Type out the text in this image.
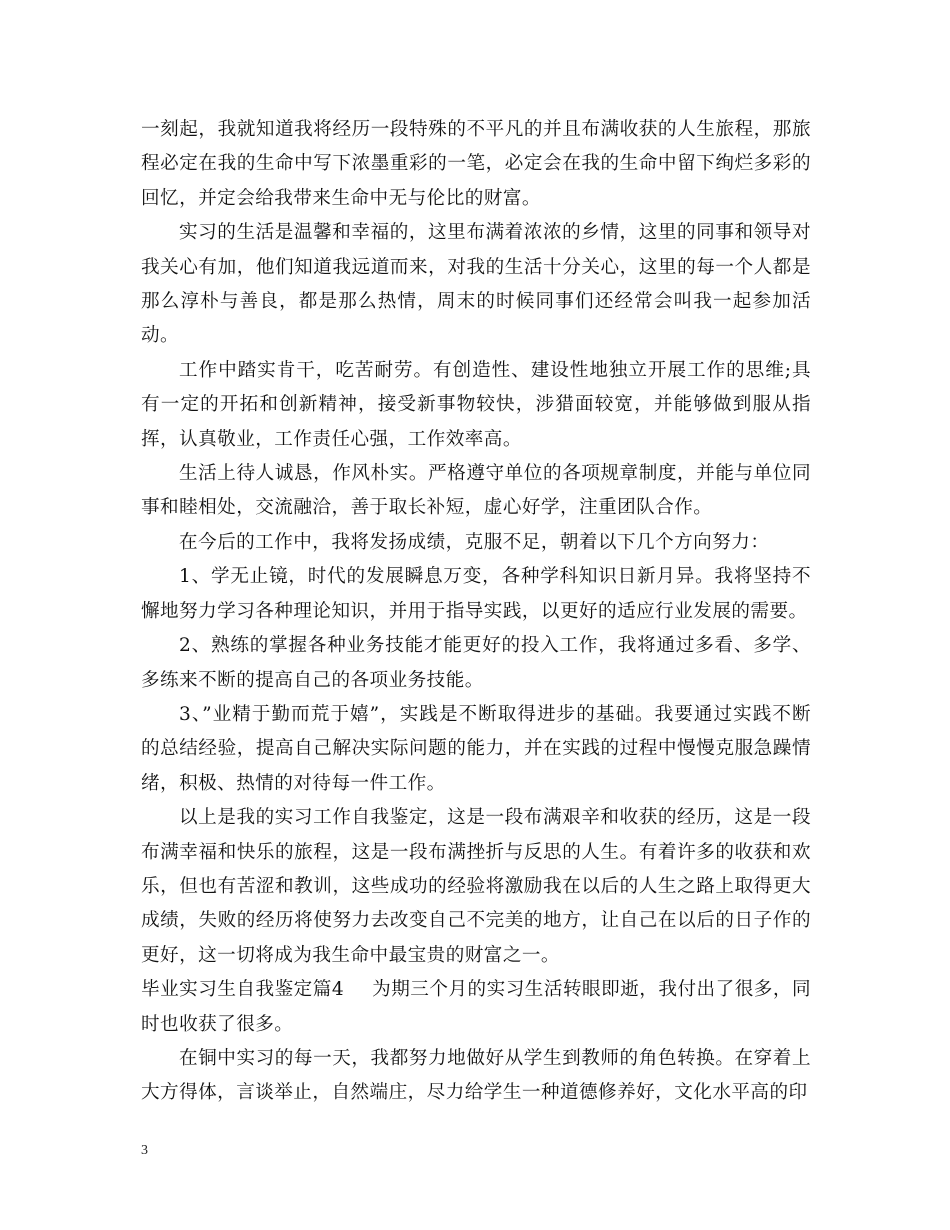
一刻起，我就知道我将经历一段特殊的不平凡的并且布满收获的人生旅程，那旅程必定在我的生命中写下浓墨重彩的一笔，必定会在我的生命中留下绚烂多彩的回忆，并定会给我带来生命中无与伦比的财富。

实习的生活是温馨和幸福的，这里布满着浓浓的乡情，这里的同事和领导对我关心有加，他们知道我远道而来，对我的生活十分关心，这里的每一个人都是那么淳朴与善良，都是那么热情，周末的时候同事们还经常会叫我一起参加活动。

工作中踏实肯干，吃苦耐劳。有创造性、建设性地独立开展工作的思维;具有一定的开拓和创新精神，接受新事物较快，涉猎面较宽，并能够做到服从指挥，认真敬业，工作责任心强，工作效率高。

生活上待人诚恳，作风朴实。严格遵守单位的各项规章制度，并能与单位同事和睦相处，交流融洽，善于取长补短，虚心好学，注重团队合作。

在今后的工作中，我将发扬成绩，克服不足，朝着以下几个方向努力：

1、学无止镜，时代的发展瞬息万变，各种学科知识日新月异。我将坚持不懈地努力学习各种理论知识，并用于指导实践，以更好的适应行业发展的需要。

2、熟练的掌握各种业务技能才能更好的投入工作，我将通过多看、多学、多练来不断的提高自己的各项业务技能。

3、”业精于勤而荒于嬉”，实践是不断取得进步的基础。我要通过实践不断的总结经验，提高自己解决实际问题的能力，并在实践的过程中慢慢克服急躁情绪，积极、热情的对待每一件工作。

以上是我的实习工作自我鉴定，这是一段布满艰辛和收获的经历，这是一段布满幸福和快乐的旅程，这是一段布满挫折与反思的人生。有着许多的收获和欢乐，但也有苦涩和教训，这些成功的经验将激励我在以后的人生之路上取得更大成绩，失败的经历将使努力去改变自己不完美的地方，让自己在以后的日子作的更好，这一切将成为我生命中最宝贵的财富之一。

毕业实习生自我鉴定篇4 为期三个月的实习生活转眼即逝，我付出了很多，同时也收获了很多。

在铜中实习的每一天，我都努力地做好从学生到教师的角色转换。在穿着上大方得体，言谈举止，自然端庄，尽力给学生一种道德修养好，文化水平高的印

3
